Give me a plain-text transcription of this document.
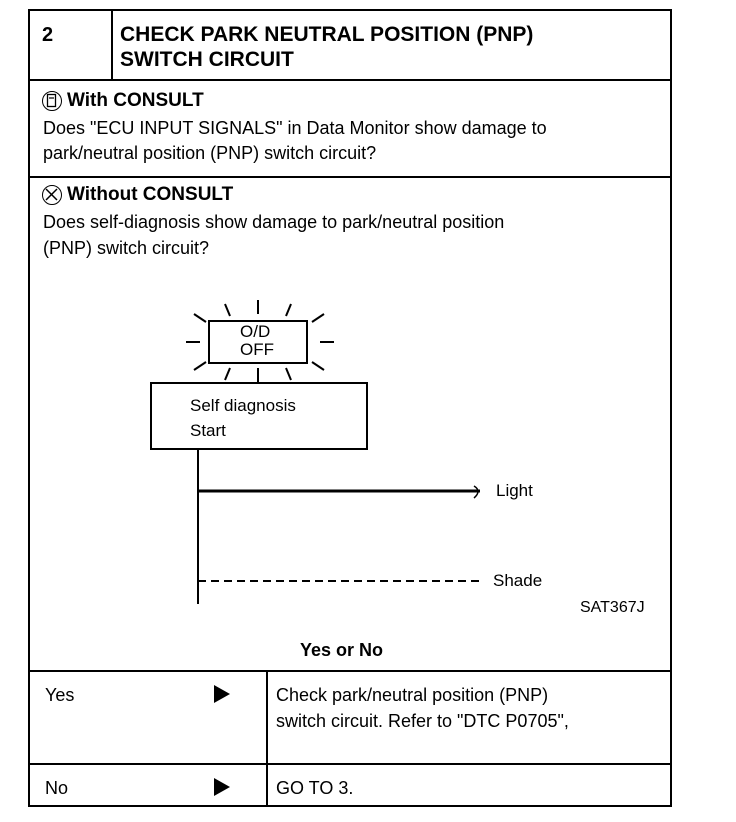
2	CHECK PARK NEUTRAL POSITION (PNP)
SWITCH CIRCUIT
With CONSULT
Does "ECU INPUT SIGNALS" in Data Monitor show damage to
park/neutral position (PNP) switch circuit?
Without CONSULT
Does self-diagnosis show damage to park/neutral position
(PNP) switch circuit?
O/D
OFF
Self diagnosis
Start
Light
Shade
SAT367J
Yes or No
Yes	Check park/neutral position (PNP)
switch circuit. Refer to "DTC P0705",
No	GO TO 3.
